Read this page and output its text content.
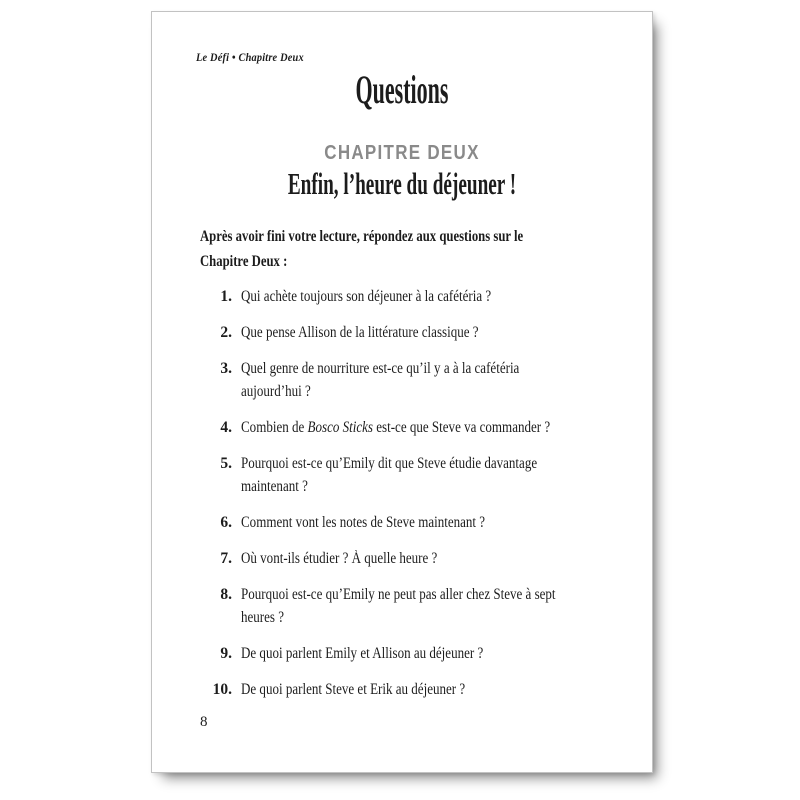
Le Défi • Chapitre Deux
Questions
CHAPITRE DEUX
Enfin, l’heure du déjeuner !

Après avoir fini votre lecture, répondez aux questions sur le
Chapitre Deux :

1. Qui achète toujours son déjeuner à la cafétéria ?
2. Que pense Allison de la littérature classique ?
3. Quel genre de nourriture est-ce qu’il y a à la cafétéria
aujourd’hui ?
4. Combien de Bosco Sticks est-ce que Steve va commander ?
5. Pourquoi est-ce qu’Emily dit que Steve étudie davantage
maintenant ?
6. Comment vont les notes de Steve maintenant ?
7. Où vont-ils étudier ? À quelle heure ?
8. Pourquoi est-ce qu’Emily ne peut pas aller chez Steve à sept
heures ?
9. De quoi parlent Emily et Allison au déjeuner ?
10. De quoi parlent Steve et Erik au déjeuner ?
8
